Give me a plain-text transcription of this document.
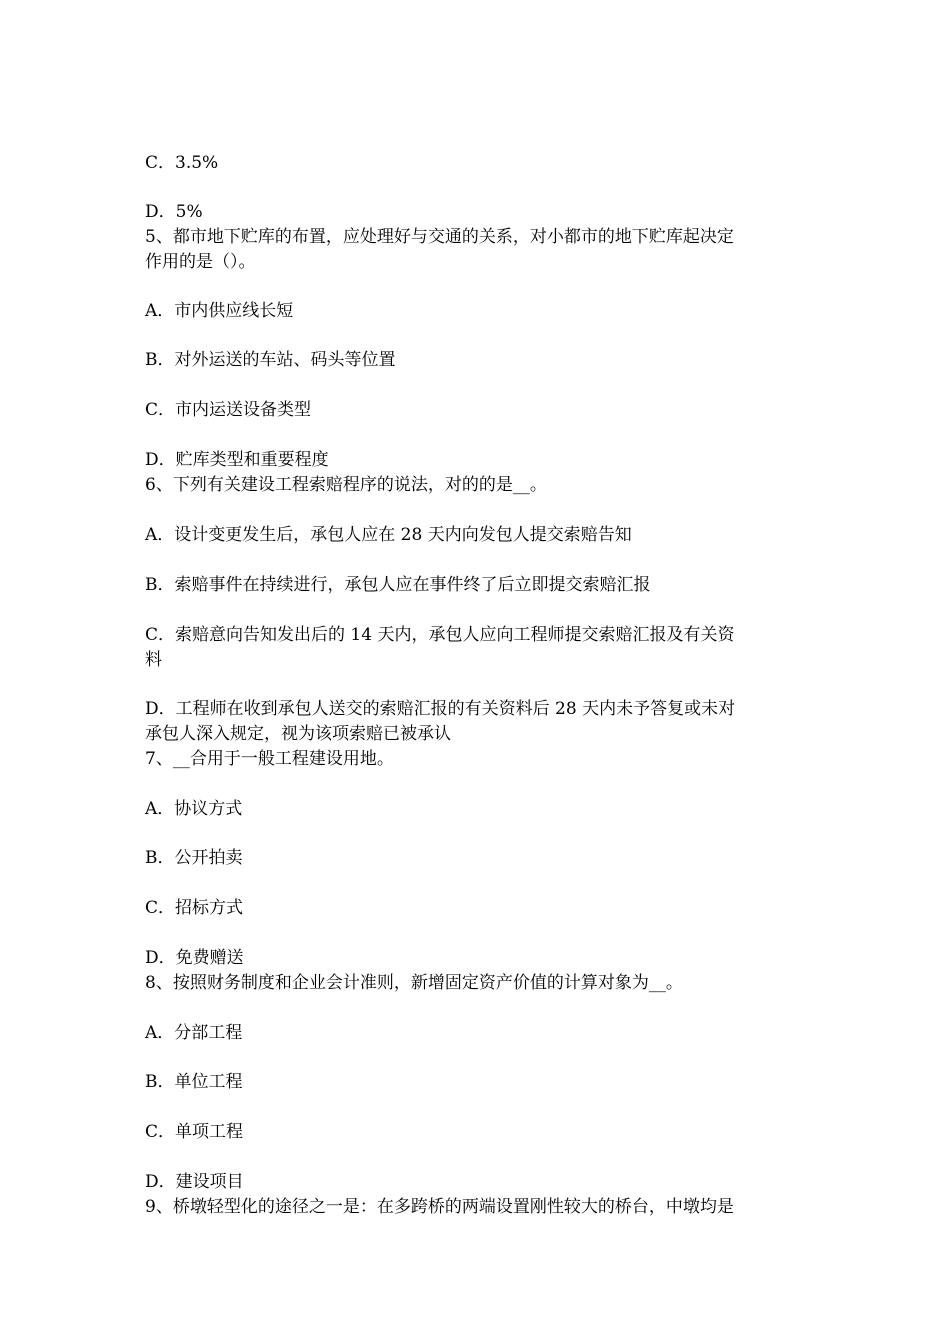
C．3.5%
D．5%
5、都市地下贮库的布置，应处理好与交通的关系，对小都市的地下贮库起决定
作用的是（）。
A．市内供应线长短
B．对外运送的车站、码头等位置
C．市内运送设备类型
D．贮库类型和重要程度
6、下列有关建设工程索赔程序的说法，对的的是__。
A．设计变更发生后，承包人应在 28 天内向发包人提交索赔告知
B．索赔事件在持续进行，承包人应在事件终了后立即提交索赔汇报
C．索赔意向告知发出后的 14 天内，承包人应向工程师提交索赔汇报及有关资
料
D．工程师在收到承包人送交的索赔汇报的有关资料后 28 天内未予答复或未对
承包人深入规定，视为该项索赔已被承认
7、__合用于一般工程建设用地。
A．协议方式
B．公开拍卖
C．招标方式
D．免费赠送
8、按照财务制度和企业会计准则，新增固定资产价值的计算对象为__。
A．分部工程
B．单位工程
C．单项工程
D．建设项目
9、桥墩轻型化的途径之一是：在多跨桥的两端设置刚性较大的桥台，中墩均是
